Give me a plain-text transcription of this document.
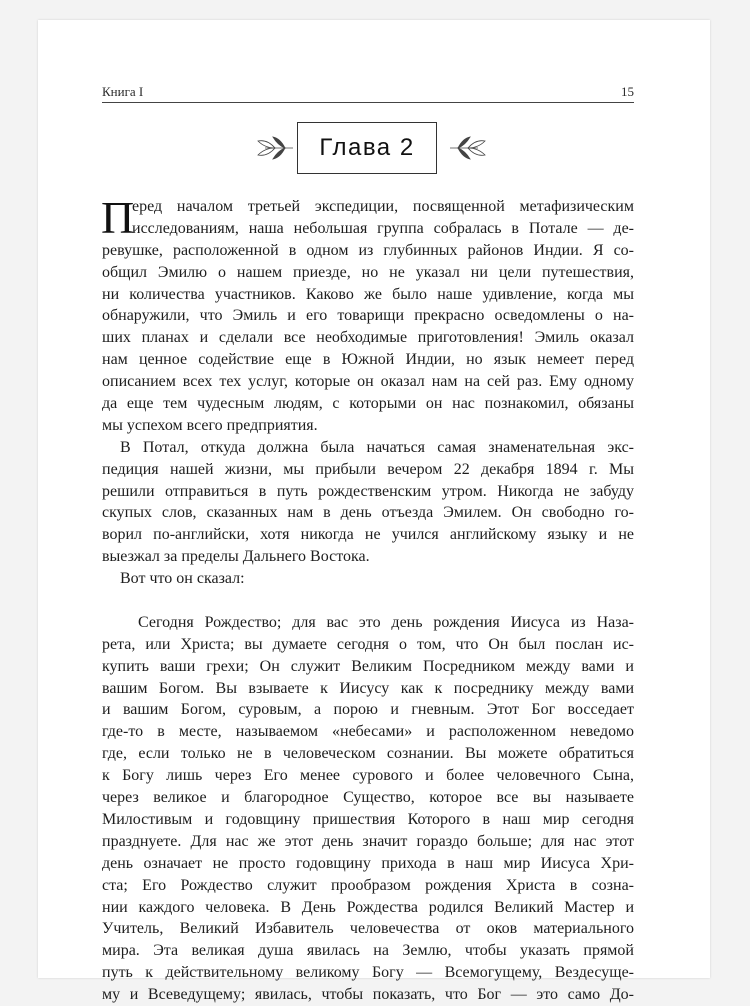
Книга I	15
Глава 2
П
еред началом третьей экспедиции, посвященной метафизическим
исследованиям, наша небольшая группа собралась в Потале — де-
ревушке, расположенной в одном из глубинных районов Индии. Я со-
общил Эмилю о нашем приезде, но не указал ни цели путешествия,
ни количества участников. Каково же было наше удивление, когда мы
обнаружили, что Эмиль и его товарищи прекрасно осведомлены о на-
ших планах и сделали все необходимые приготовления! Эмиль оказал
нам ценное содействие еще в Южной Индии, но язык немеет перед
описанием всех тех услуг, которые он оказал нам на сей раз. Ему одному
да еще тем чудесным людям, с которыми он нас познакомил, обязаны
мы успехом всего предприятия.
В Потал, откуда должна была начаться самая знаменательная экс-
педиция нашей жизни, мы прибыли вечером 22 декабря 1894 г. Мы
решили отправиться в путь рождественским утром. Никогда не забуду
скупых слов, сказанных нам в день отъезда Эмилем. Он свободно го-
ворил по-английски, хотя никогда не учился английскому языку и не
выезжал за пределы Дальнего Востока.
Вот что он сказал:
Сегодня Рождество; для вас это день рождения Иисуса из Наза-
рета, или Христа; вы думаете сегодня о том, что Он был послан ис-
купить ваши грехи; Он служит Великим Посредником между вами и
вашим Богом. Вы взываете к Иисусу как к посреднику между вами
и вашим Богом, суровым, а порою и гневным. Этот Бог восседает
где-то в месте, называемом «небесами» и расположенном неведомо
где, если только не в человеческом сознании. Вы можете обратиться
к Богу лишь через Его менее сурового и более человечного Сына,
через великое и благородное Существо, которое все вы называете
Милостивым и годовщину пришествия Которого в наш мир сегодня
празднуете. Для нас же этот день значит гораздо больше; для нас этот
день означает не просто годовщину прихода в наш мир Иисуса Хри-
ста; Его Рождество служит прообразом рождения Христа в созна-
нии каждого человека. В День Рождества родился Великий Мастер и
Учитель, Великий Избавитель человечества от оков материального
мира. Эта великая душа явилась на Землю, чтобы указать прямой
путь к действительному великому Богу — Всемогущему, Вездесуще-
му и Всеведущему; явилась, чтобы показать, что Бог — это само До-
